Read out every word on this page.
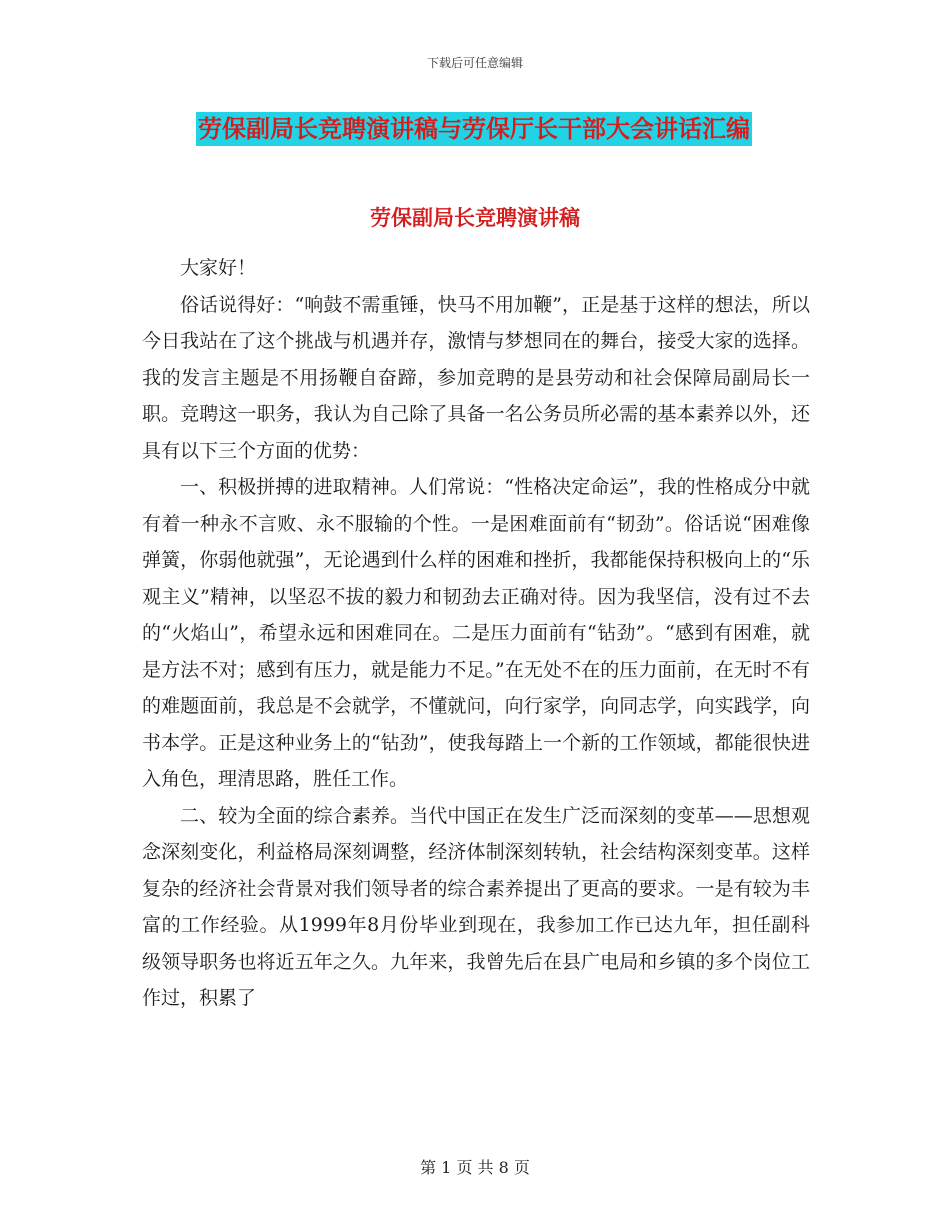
下载后可任意编辑
劳保副局长竞聘演讲稿与劳保厅长干部大会讲话汇编
劳保副局长竞聘演讲稿

大家好！

俗话说得好：“响鼓不需重锤，快马不用加鞭”，正是基于这样的想法，所以今日我站在了这个挑战与机遇并存，激情与梦想同在的舞台，接受大家的选择。我的发言主题是不用扬鞭自奋蹄，参加竞聘的是县劳动和社会保障局副局长一职。竞聘这一职务，我认为自己除了具备一名公务员所必需的基本素养以外，还具有以下三个方面的优势：

一、积极拼搏的进取精神。人们常说：“性格决定命运”，我的性格成分中就有着一种永不言败、永不服输的个性。一是困难面前有“韧劲”。俗话说“困难像弹簧，你弱他就强”，无论遇到什么样的困难和挫折，我都能保持积极向上的“乐观主义”精神，以坚忍不拔的毅力和韧劲去正确对待。因为我坚信，没有过不去的“火焰山”，希望永远和困难同在。二是压力面前有“钻劲”。“感到有困难，就是方法不对；感到有压力，就是能力不足。”在无处不在的压力面前，在无时不有的难题面前，我总是不会就学，不懂就问，向行家学，向同志学，向实践学，向书本学。正是这种业务上的“钻劲”，使我每踏上一个新的工作领域，都能很快进入角色，理清思路，胜任工作。

二、较为全面的综合素养。当代中国正在发生广泛而深刻的变革——思想观念深刻变化，利益格局深刻调整，经济体制深刻转轨，社会结构深刻变革。这样复杂的经济社会背景对我们领导者的综合素养提出了更高的要求。一是有较为丰富的工作经验。从1999年8月份毕业到现在，我参加工作已达九年，担任副科级领导职务也将近五年之久。九年来，我曾先后在县广电局和乡镇的多个岗位工作过，积累了

第 1 页 共 8 页
